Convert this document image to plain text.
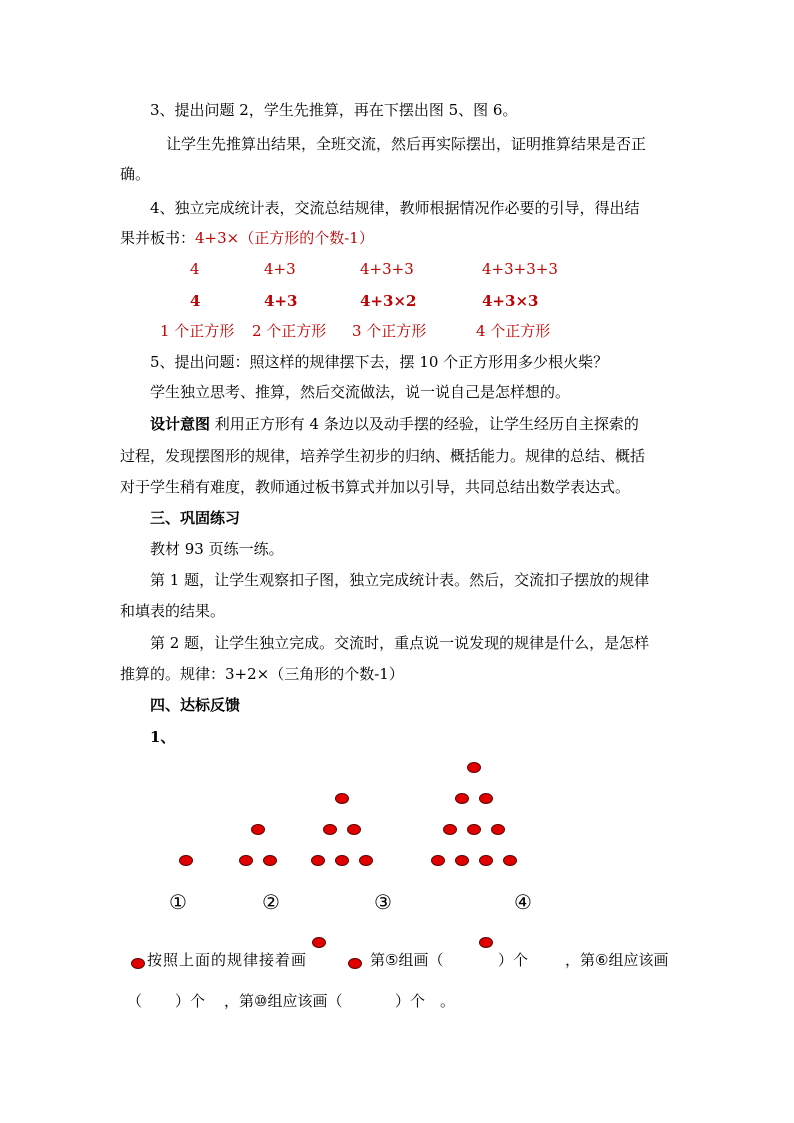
3、提出问题 2，学生先推算，再在下摆出图 5、图 6。
让学生先推算出结果，全班交流，然后再实际摆出，证明推算结果是否正
确。
4、独立完成统计表，交流总结规律，教师根据情况作必要的引导，得出结
果并板书：4+3×（正方形的个数-1）
4	4+3	4+3+3	4+3+3+3
4	4+3	4+3×2	4+3×3
1 个正方形 2 个正方形 3 个正方形	4 个正方形
5、提出问题：照这样的规律摆下去，摆 10 个正方形用多少根火柴？
学生独立思考、推算，然后交流做法，说一说自己是怎样想的。
设计意图 利用正方形有 4 条边以及动手摆的经验，让学生经历自主探索的
过程，发现摆图形的规律，培养学生初步的归纳、概括能力。规律的总结、概括
对于学生稍有难度，教师通过板书算式并加以引导，共同总结出数学表达式。
三、巩固练习
教材 93 页练一练。
第 1 题，让学生观察扣子图，独立完成统计表。然后，交流扣子摆放的规律
和填表的结果。
第 2 题，让学生独立完成。交流时，重点说一说发现的规律是什么，是怎样
推算的。规律：3+2×（三角形的个数-1）
四、达标反馈
1、
①	②	③	④
按照上面的规律接着画	第⑤组画（	）个 ，第⑥组应该画
（ ）个 ，第⑩组应该画（	）个 。
